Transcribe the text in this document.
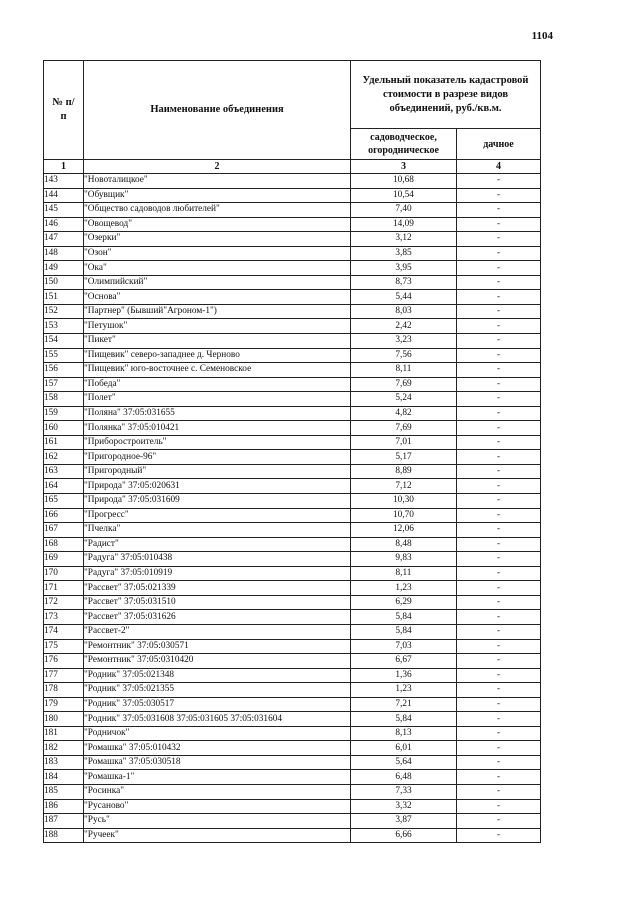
1104
№ п/п	Наименование объединения	Удельный показатель кадастровой стоимости в разрезе видов объединений, руб./кв.м.	
		садоводческое, огородническое	дачное
1	2	3	4
143	"Новоталицкое"	10,68	-
144	"Обувщик"	10,54	-
145	"Общество садоводов любителей"	7,40	-
146	"Овощевод"	14,09	-
147	"Озерки"	3,12	-
148	"Озон"	3,85	-
149	"Ока"	3,95	-
150	"Олимпийский"	8,73	-
151	"Основа"	5,44	-
152	"Партнер" (Бывший"Агроном-1")	8,03	-
153	"Петушок"	2,42	-
154	"Пикет"	3,23	-
155	"Пищевик" северо-западнее д. Черново	7,56	-
156	"Пищевик" юго-восточнее с. Семеновское	8,11	-
157	"Победа"	7,69	-
158	"Полет"	5,24	-
159	"Поляна" 37:05:031655	4,82	-
160	"Полянка" 37:05:010421	7,69	-
161	"Приборостроитель"	7,01	-
162	"Пригородное-96"	5,17	-
163	"Пригородный"	8,89	-
164	"Природа" 37:05:020631	7,12	-
165	"Природа" 37:05:031609	10,30	-
166	"Прогресс"	10,70	-
167	"Пчелка"	12,06	-
168	"Радист"	8,48	-
169	"Радуга" 37:05:010438	9,83	-
170	"Радуга" 37:05:010919	8,11	-
171	"Рассвет" 37:05:021339	1,23	-
172	"Рассвет" 37:05:031510	6,29	-
173	"Рассвет" 37:05:031626	5,84	-
174	"Рассвет-2"	5,84	-
175	"Ремонтник" 37:05:030571	7,03	-
176	"Ремонтник" 37:05:0310420	6,67	-
177	"Родник" 37:05:021348	1,36	-
178	"Родник" 37:05:021355	1,23	-
179	"Родник" 37:05:030517	7,21	-
180	"Родник" 37:05:031608 37:05:031605 37:05:031604	5,84	-
181	"Родничок"	8,13	-
182	"Ромашка" 37:05:010432	6,01	-
183	"Ромашка" 37:05:030518	5,64	-
184	"Ромашка-1"	6,48	-
185	"Росинка"	7,33	-
186	"Русаново"	3,32	-
187	"Русь"	3,87	-
188	"Ручеек"	6,66	-
